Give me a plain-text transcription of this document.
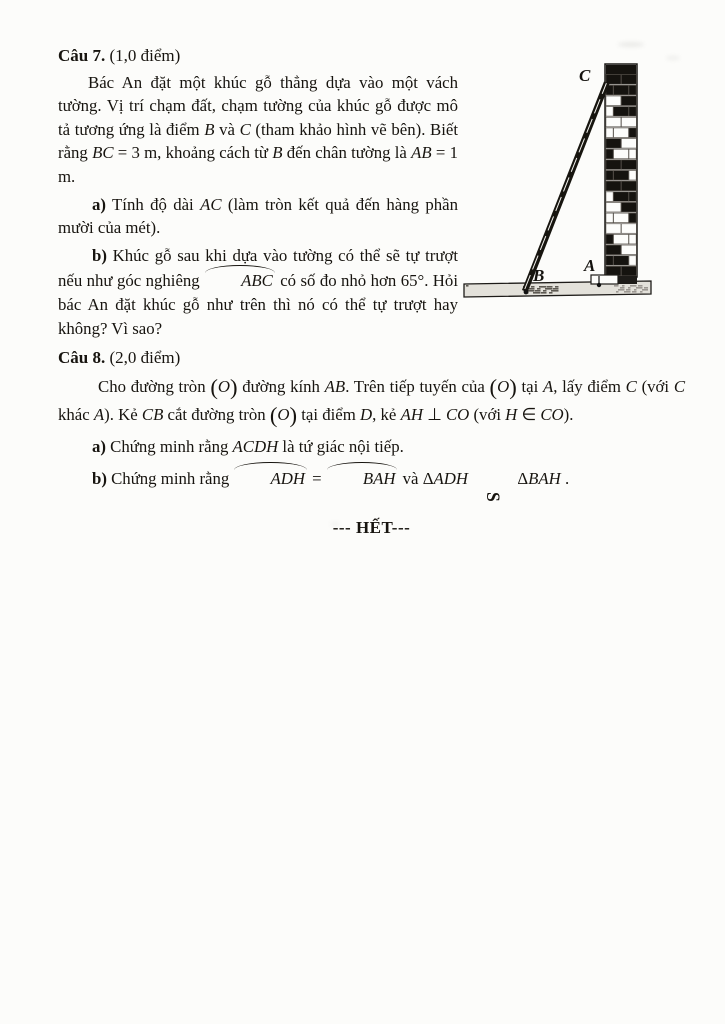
Câu 7. (1,0 điểm)

Bác An đặt một khúc gỗ thẳng dựa vào một vách tường. Vị trí chạm đất, chạm tường của khúc gỗ được mô tả tương ứng là điểm B và C (tham khảo hình vẽ bên). Biết rằng BC = 3 m, khoảng cách từ B đến chân tường là AB = 1 m.

a) Tính độ dài AC (làm tròn kết quả đến hàng phần mười của mét).

b) Khúc gỗ sau khi dựa vào tường có thể sẽ tự trượt nếu như góc nghiêng ABC có số đo nhỏ hơn 65°. Hỏi bác An đặt khúc gỗ như trên thì nó có thể tự trượt hay không? Vì sao?

Câu 8. (2,0 điểm)

Cho đường tròn (O) đường kính AB. Trên tiếp tuyến của (O) tại A, lấy điểm C (với C khác A). Kẻ CB cắt đường tròn (O) tại điểm D, kẻ AH ⊥ CO (với H ∈ CO).

a) Chứng minh rằng ACDH là tứ giác nội tiếp.

b) Chứng minh rằng ADH = BAH và ΔADHSΔBAH .

--- HẾT---

C
B
A
